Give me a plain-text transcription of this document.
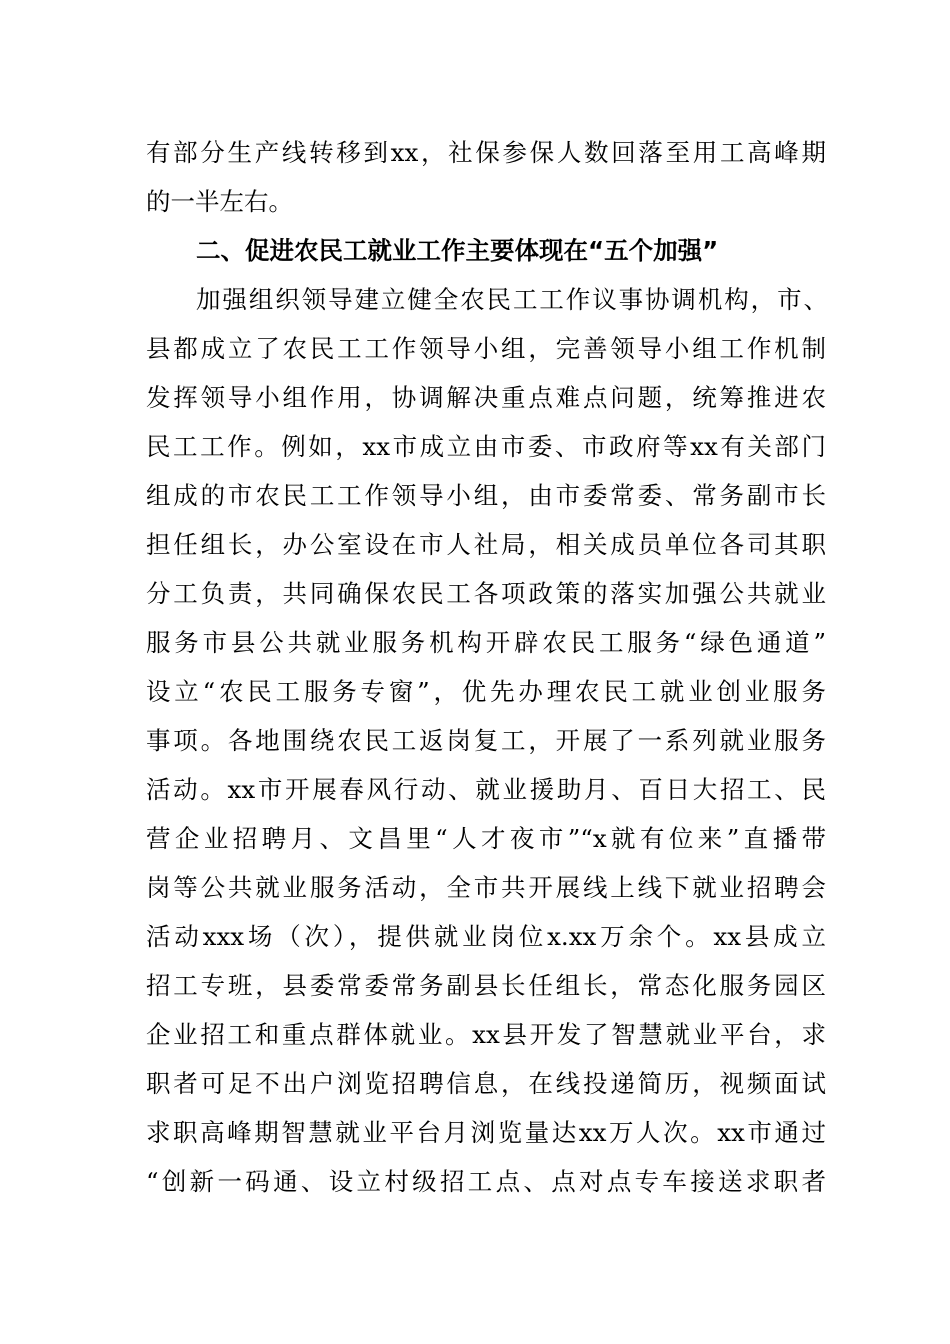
有部分生产线转移到xx，社保参保人数回落至用工高峰期
的一半左右。
二、促进农民工就业工作主要体现在“五个加强”
加强组织领导建立健全农民工工作议事协调机构，市、
县都成立了农民工工作领导小组，完善领导小组工作机制
发挥领导小组作用，协调解决重点难点问题，统筹推进农
民工工作。例如，xx市成立由市委、市政府等xx有关部门
组成的市农民工工作领导小组，由市委常委、常务副市长
担任组长，办公室设在市人社局，相关成员单位各司其职
分工负责，共同确保农民工各项政策的落实加强公共就业
服务市县公共就业服务机构开辟农民工服务“绿色通道”
设立“农民工服务专窗”，优先办理农民工就业创业服务
事项。各地围绕农民工返岗复工，开展了一系列就业服务
活动。xx市开展春风行动、就业援助月、百日大招工、民
营企业招聘月、文昌里“人才夜市”“x就有位来”直播带
岗等公共就业服务活动，全市共开展线上线下就业招聘会
活动xxx场（次），提供就业岗位x.xx万余个。xx县成立
招工专班，县委常委常务副县长任组长，常态化服务园区
企业招工和重点群体就业。xx县开发了智慧就业平台，求
职者可足不出户浏览招聘信息，在线投递简历，视频面试
求职高峰期智慧就业平台月浏览量达xx万人次。xx市通过
“创新一码通、设立村级招工点、点对点专车接送求职者
